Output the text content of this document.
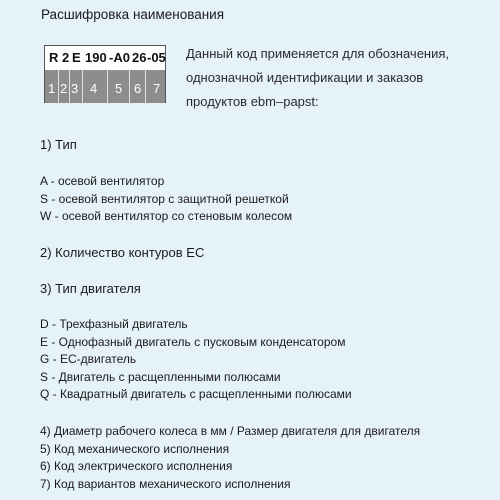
Расшифровка наименования
R 2 E 190 -A0 26 -05
1 2 3 4 5 6 7
Данный код применяется для обозначения,
однозначной идентификации и заказов
продуктов ebm–papst:
1) Тип
A - осевой вентилятор
S - осевой вентилятор с защитной решеткой
W - осевой вентилятор со стеновым колесом
2) Количество контуров EC
3) Тип двигателя
D - Трехфазный двигатель
E - Однофазный двигатель с пусковым конденсатором
G - EC-двигатель
S - Двигатель с расщепленными полюсами
Q - Квадратный двигатель с расщепленными полюсами
4) Диаметр рабочего колеса в мм / Размер двигателя для двигателя
5) Код механического исполнения
6) Код электрического исполнения
7) Код вариантов механического исполнения
